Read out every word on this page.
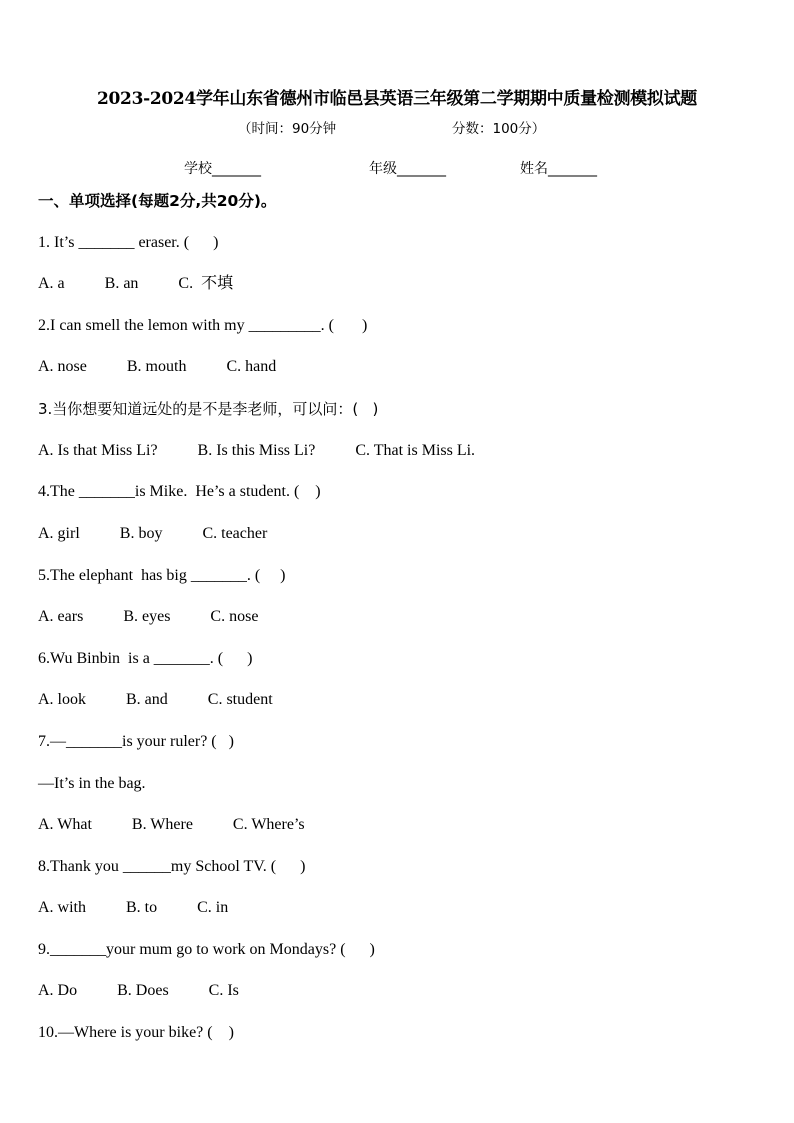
2023-2024学年山东省德州市临邑县英语三年级第二学期期中质量检测模拟试题
（时间：90分钟	分数：100分）
学校_______	年级_______	姓名_______
一、单项选择(每题2分,共20分)。
1. It’s _______ eraser. (      )
A. a          B. an          C.  不填
2.I can smell the lemon with my _________. (       )
A. nose          B. mouth          C. hand
3.当你想要知道远处的是不是李老师，可以问：(   )
A. Is that Miss Li?          B. Is this Miss Li?          C. That is Miss Li.
4.The _______is Mike.  He’s a student. (    )
A. girl          B. boy          C. teacher
5.The elephant  has big _______. (     )
A. ears          B. eyes          C. nose
6.Wu Binbin  is a _______. (      )
A. look          B. and          C. student
7.—_______is your ruler? (   )
—It’s in the bag.
A. What          B. Where          C. Where’s
8.Thank you ______my School TV. (      )
A. with          B. to          C. in
9._______your mum go to work on Mondays? (      )
A. Do          B. Does          C. Is
10.—Where is your bike? (    )
